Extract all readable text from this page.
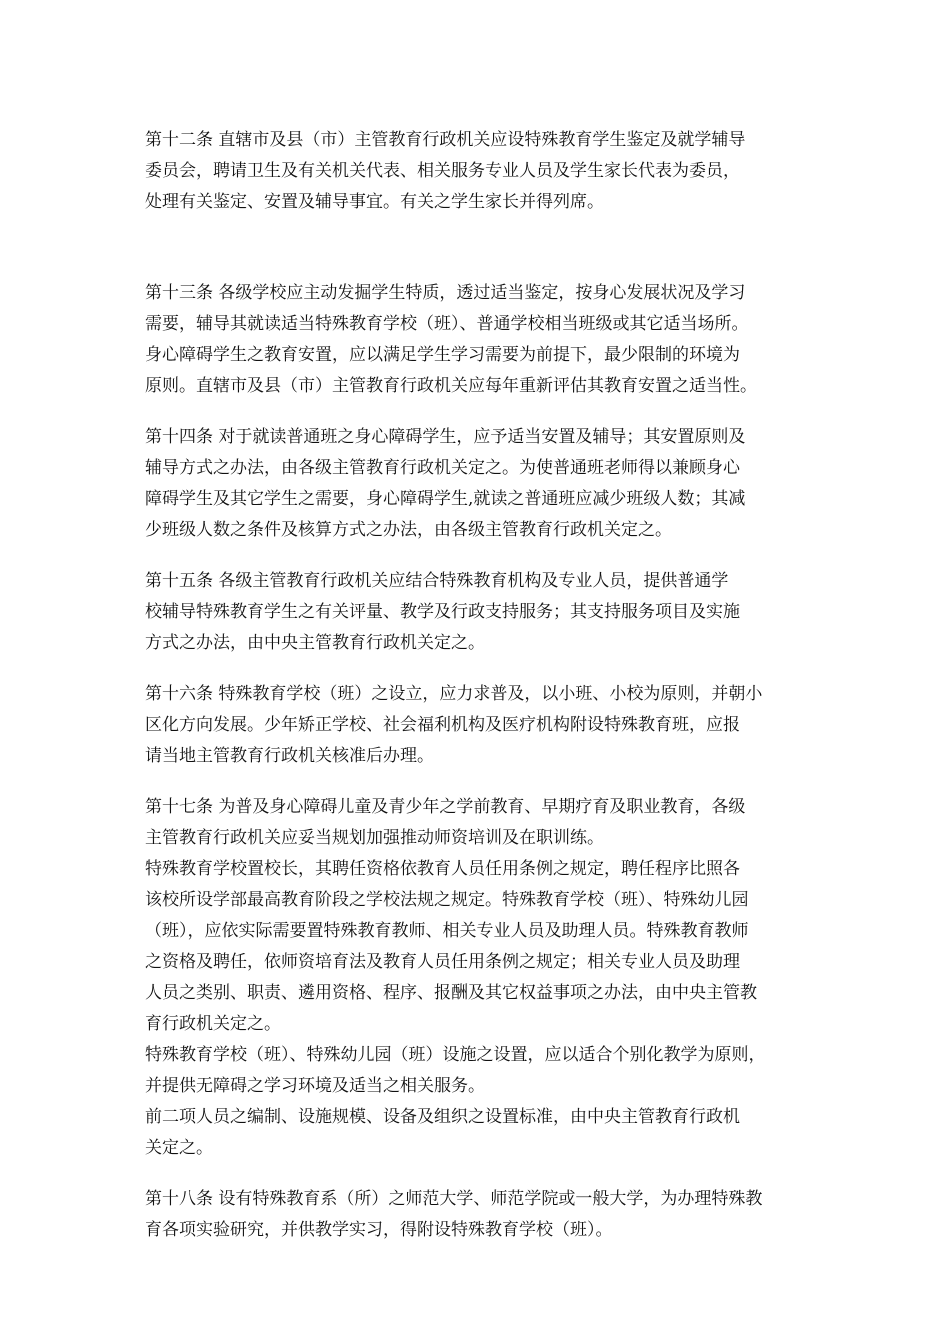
第十二条 直辖市及县（市）主管教育行政机关应设特殊教育学生鉴定及就学辅导
委员会，聘请卫生及有关机关代表、相关服务专业人员及学生家长代表为委员，
处理有关鉴定、安置及辅导事宜。有关之学生家长并得列席。
第十三条 各级学校应主动发掘学生特质，透过适当鉴定，按身心发展状况及学习
需要，辅导其就读适当特殊教育学校（班）、普通学校相当班级或其它适当场所。
身心障碍学生之教育安置，应以满足学生学习需要为前提下，最少限制的环境为
原则。直辖市及县（市）主管教育行政机关应每年重新评估其教育安置之适当性。
第十四条 对于就读普通班之身心障碍学生，应予适当安置及辅导；其安置原则及
辅导方式之办法，由各级主管教育行政机关定之。为使普通班老师得以兼顾身心
障碍学生及其它学生之需要，身心障碍学生,就读之普通班应减少班级人数；其减
少班级人数之条件及核算方式之办法，由各级主管教育行政机关定之。
第十五条 各级主管教育行政机关应结合特殊教育机构及专业人员，提供普通学
校辅导特殊教育学生之有关评量、教学及行政支持服务；其支持服务项目及实施
方式之办法，由中央主管教育行政机关定之。
第十六条 特殊教育学校（班）之设立，应力求普及，以小班、小校为原则，并朝小
区化方向发展。少年矫正学校、社会福利机构及医疗机构附设特殊教育班，应报
请当地主管教育行政机关核准后办理。
第十七条 为普及身心障碍儿童及青少年之学前教育、早期疗育及职业教育，各级
主管教育行政机关应妥当规划加强推动师资培训及在职训练。
特殊教育学校置校长，其聘任资格依教育人员任用条例之规定，聘任程序比照各
该校所设学部最高教育阶段之学校法规之规定。特殊教育学校（班）、特殊幼儿园
（班），应依实际需要置特殊教育教师、相关专业人员及助理人员。特殊教育教师
之资格及聘任，依师资培育法及教育人员任用条例之规定；相关专业人员及助理
人员之类别、职责、遴用资格、程序、报酬及其它权益事项之办法，由中央主管教
育行政机关定之。
特殊教育学校（班）、特殊幼儿园（班）设施之设置，应以适合个别化教学为原则，
并提供无障碍之学习环境及适当之相关服务。
前二项人员之编制、设施规模、设备及组织之设置标准，由中央主管教育行政机
关定之。
第十八条 设有特殊教育系（所）之师范大学、师范学院或一般大学，为办理特殊教
育各项实验研究，并供教学实习，得附设特殊教育学校（班）。
